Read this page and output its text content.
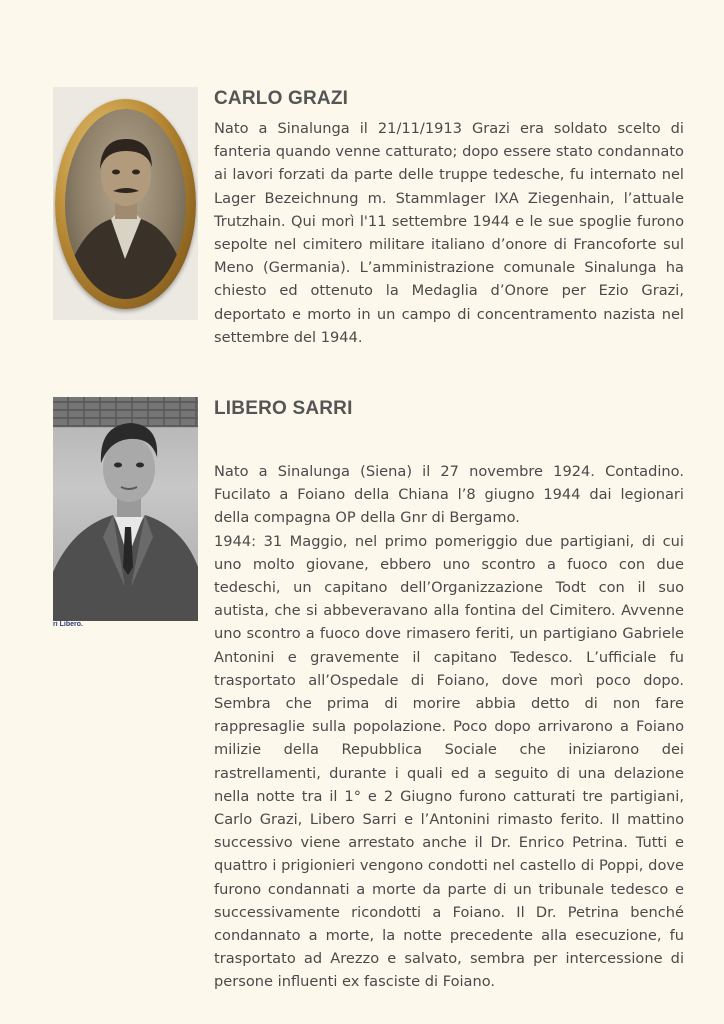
CARLO GRAZI
Nato a Sinalunga il 21/11/1913 Grazi era soldato scelto di fanteria quando venne catturato; dopo essere stato condannato ai lavori forzati da parte delle truppe tedesche, fu internato nel Lager Bezeichnung m. Stammlager IXA Ziegenhain, l’attuale Trutzhain. Qui morì l'11 settembre 1944 e le sue spoglie furono sepolte nel cimitero militare italiano d’onore di Francoforte sul Meno (Germania). L’amministrazione comunale Sinalunga ha chiesto ed ottenuto la Medaglia d’Onore per Ezio Grazi, deportato e morto in un campo di concentramento nazista nel settembre del 1944.
ri Libero.
LIBERO SARRI
Nato a Sinalunga (Siena) il 27 novembre 1924. Contadino. Fucilato a Foiano della Chiana l’8 giugno 1944 dai legionari della compagna OP della Gnr di Bergamo.
1944: 31 Maggio, nel primo pomeriggio due partigiani, di cui uno molto giovane, ebbero uno scontro a fuoco con due tedeschi, un capitano dell’Organizzazione Todt con il suo autista, che si abbeveravano alla fontina del Cimitero. Avvenne uno scontro a fuoco dove rimasero feriti, un partigiano Gabriele Antonini e gravemente il capitano Tedesco. L’ufficiale fu trasportato all’Ospedale di Foiano, dove morì poco dopo. Sembra che prima di morire abbia detto di non fare rappresaglie sulla popolazione. Poco dopo arrivarono a Foiano milizie della Repubblica Sociale che iniziarono dei rastrellamenti, durante i quali ed a seguito di una delazione nella notte tra il 1° e 2 Giugno furono catturati tre partigiani, Carlo Grazi, Libero Sarri e l’Antonini rimasto ferito. Il mattino successivo viene arrestato anche il Dr. Enrico Petrina. Tutti e quattro i prigionieri vengono condotti nel castello di Poppi, dove furono condannati a morte da parte di un tribunale tedesco e successivamente ricondotti a Foiano. Il Dr. Petrina benché condannato a morte, la notte precedente alla esecuzione, fu trasportato ad Arezzo e salvato, sembra per intercessione di persone influenti ex fasciste di Foiano.
